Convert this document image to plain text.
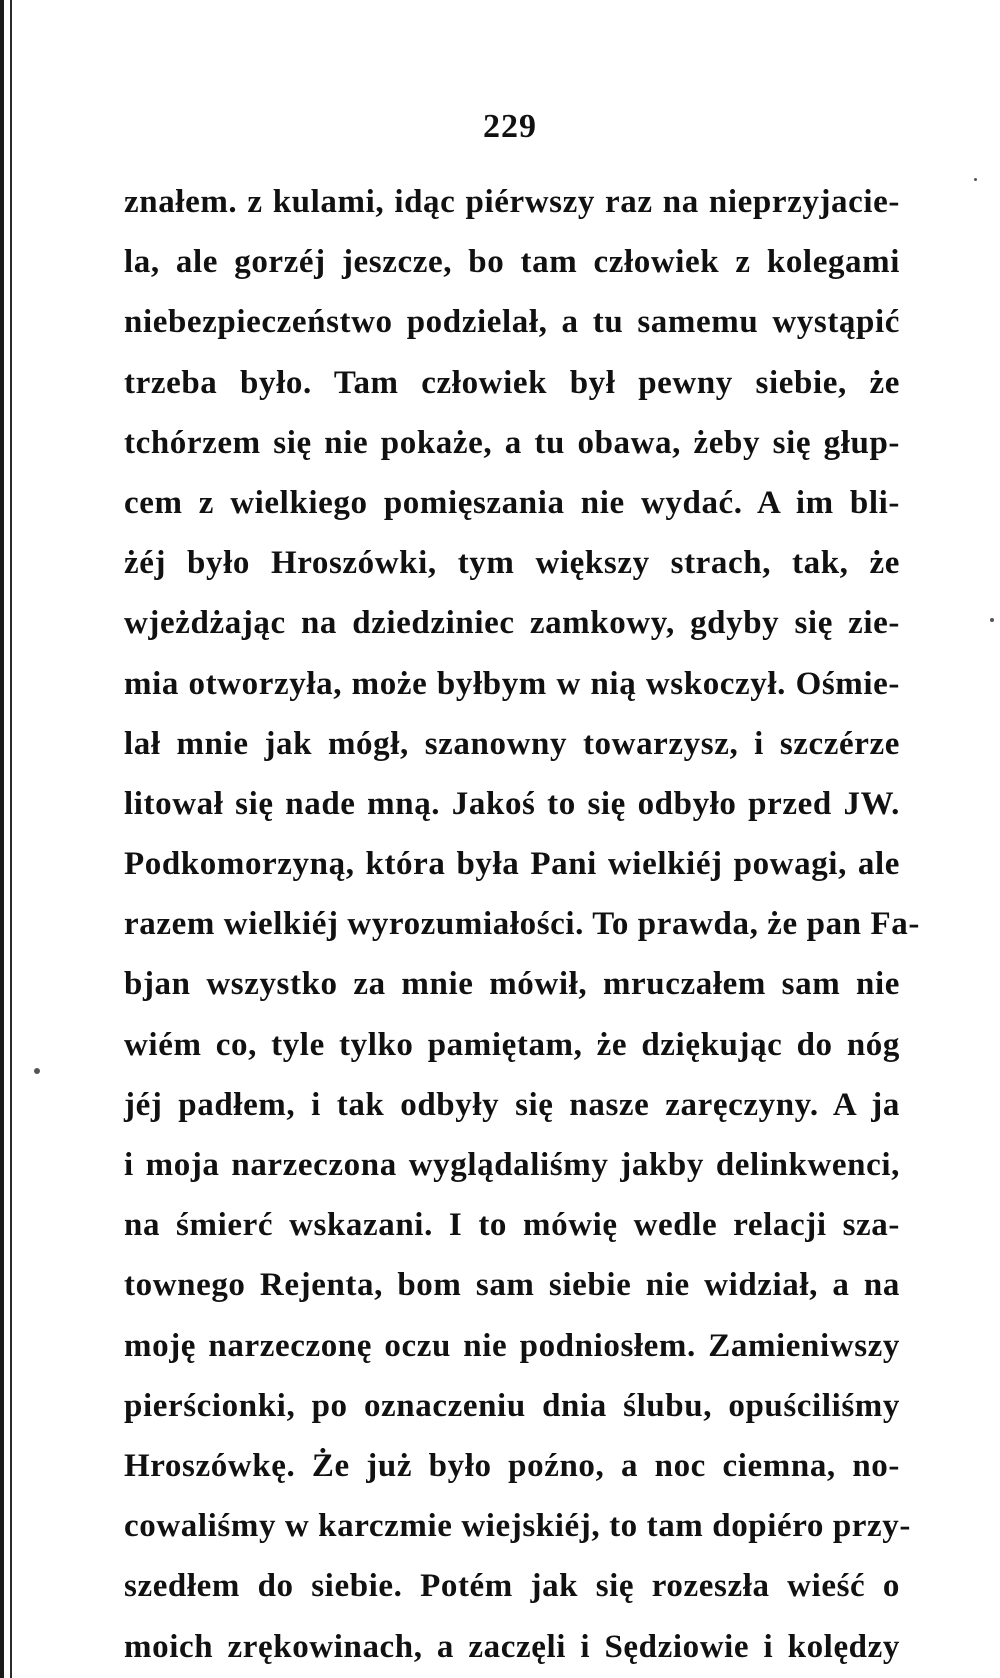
229
znałem. z kulami, idąc piérwszy raz na nieprzyjacie-
la, ale gorzéj jeszcze, bo tam człowiek z kolegami
niebezpieczeństwo podzielał, a tu samemu wystąpić
trzeba było. Tam człowiek był pewny siebie, że
tchórzem się nie pokaże, a tu obawa, żeby się głup-
cem z wielkiego pomięszania nie wydać. A im bli-
żéj było Hroszówki, tym większy strach, tak, że
wjeżdżając na dziedziniec zamkowy, gdyby się zie-
mia otworzyła, może byłbym w nią wskoczył. Ośmie-
lał mnie jak mógł, szanowny towarzysz, i szczérze
litował się nade mną. Jakoś to się odbyło przed JW.
Podkomorzyną, która była Pani wielkiéj powagi, ale
razem wielkiéj wyrozumiałości. To prawda, że pan Fa-
bjan wszystko za mnie mówił, mruczałem sam nie
wiém co, tyle tylko pamiętam, że dziękując do nóg
jéj padłem, i tak odbyły się nasze zaręczyny. A ja
i moja narzeczona wyglądaliśmy jakby delinkwenci,
na śmierć wskazani. I to mówię wedle relacji sza-
townego Rejenta, bom sam siebie nie widział, a na
moję narzeczonę oczu nie podniosłem. Zamieniwszy
pierścionki, po oznaczeniu dnia ślubu, opuściliśmy
Hroszówkę. Że już było poźno, a noc ciemna, no-
cowaliśmy w karczmie wiejskiéj, to tam dopiéro przy-
szedłem do siebie. Potém jak się rozeszła wieść o
moich zrękowinach, a zaczęli i Sędziowie i kolędzy
